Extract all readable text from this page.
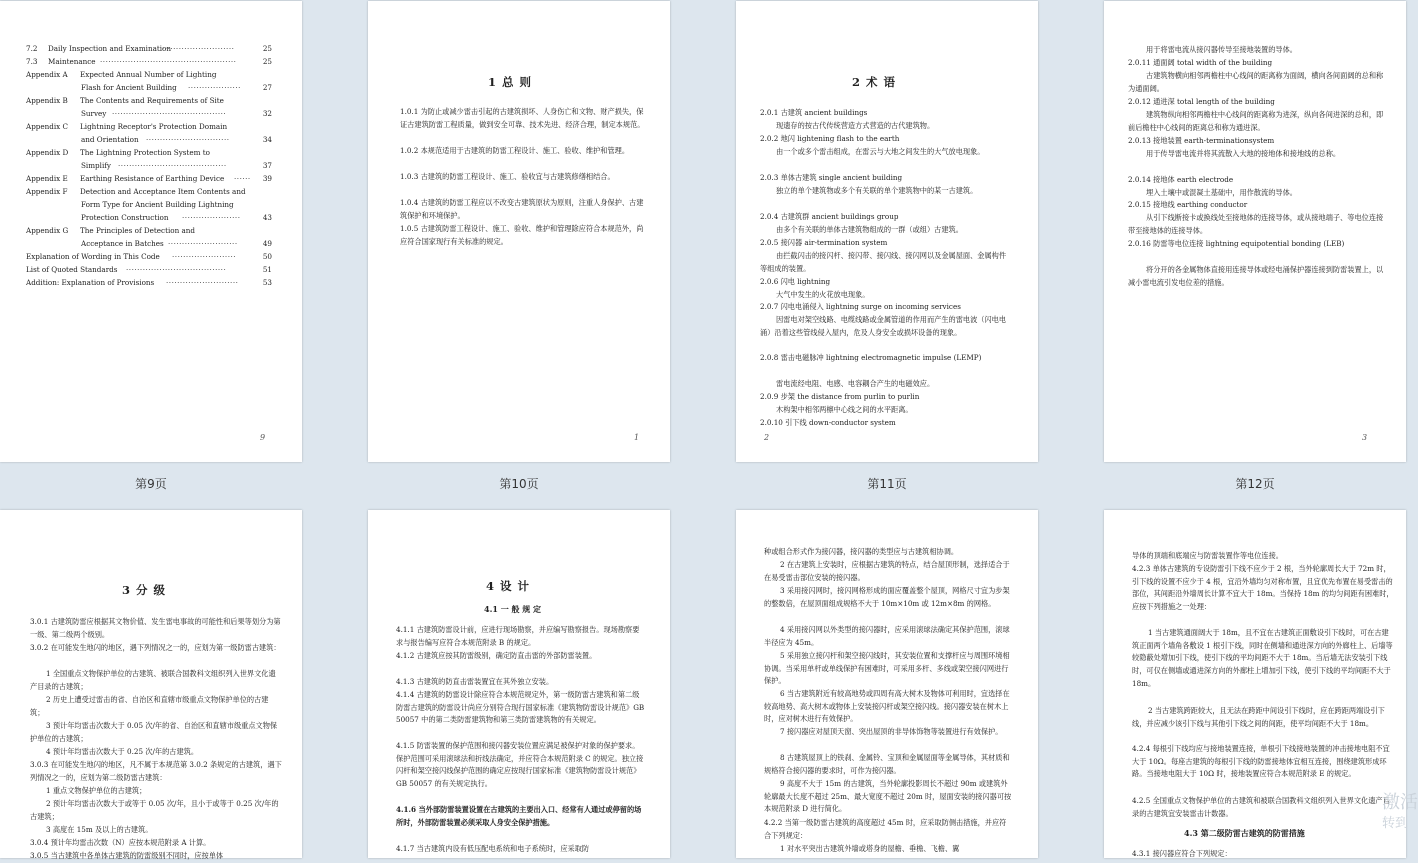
7.2 Daily Inspection and Examination	25
··························
7.3 Maintenance	25
·················································
Appendix A Expected Annual Number of Lighting
Flash for Ancient Building	27
···················
Appendix B The Contents and Requirements of Site
Survey	32
·········································
Appendix C Lightning Receptor's Protection Domain
and Orientation	34
······························
Appendix D The Lightning Protection System to
Simplify	37
·······································
Appendix E Earthing Resistance of Earthing Device	39
······
Appendix F Detection and Acceptance Item Contents and
Form Type for Ancient Building Lightning
Protection Construction	43
·····················
Appendix G The Principles of Detection and
Acceptance in Batches	49
·························
Explanation of Wording in This Code	50
·······················
List of Quoted Standards	51
····································
Addition: Explanation of Provisions	53
··························
9
第9页
1 总 则
1.0.1 为防止或减少雷击引起的古建筑损坏、人身伤亡和文物、财产损失，保证古建筑防雷工程质量，做到安全可靠、技术先进、经济合理，制定本规范。
1.0.2 本规范适用于古建筑的防雷工程设计、施工、验收、维护和管理。
1.0.3 古建筑的防雷工程设计、施工、验收宜与古建筑修缮相结合。
1.0.4 古建筑的防雷工程应以不改变古建筑原状为原则，注重人身保护、古建筑保护和环境保护。
1.0.5 古建筑防雷工程设计、施工、验收、维护和管理除应符合本规范外，尚应符合国家现行有关标准的规定。
1
第10页
2 术 语
2.0.1 古建筑 ancient buildings
现遗存的按古代传统营造方式营造的古代建筑物。
2.0.2 地闪 lightening flash to the earth
由一个或多个雷击组成，在雷云与大地之间发生的大气放电现象。
2.0.3 单体古建筑 single ancient building
独立的单个建筑物或多个有关联的单个建筑物中的某一古建筑。
2.0.4 古建筑群 ancient buildings group
由多个有关联的单体古建筑物组成的一群（或组）古建筑。
2.0.5 接闪器 air-termination system
由拦截闪击的接闪杆、接闪带、接闪线、接闪网以及金属屋面、金属构件等组成的装置。
2.0.6 闪电 lightning
大气中发生的火花放电现象。
2.0.7 闪电电涌侵入 lightning surge on incoming services
因雷电对架空线路、电缆线路或金属管道的作用而产生的雷电波（闪电电涌）沿着这些管线侵入屋内，危及人身安全或损坏设备的现象。
2.0.8 雷击电磁脉冲 lightning electromagnetic impulse (LEMP)
雷电流经电阻、电感、电容耦合产生的电磁效应。
2.0.9 步架 the distance from purlin to purlin
木构架中相邻两檩中心线之间的水平距离。
2.0.10 引下线 down-conductor system
2
第11页
用于将雷电流从接闪器传导至接地装置的导体。
2.0.11 通面阔 total width of the building
古建筑物横向相邻两檐柱中心线间的距离称为面阔，横向各间面阔的总和称为通面阔。
2.0.12 通进深 total length of the building
建筑物纵向相邻两檐柱中心线间的距离称为进深，纵向各间进深的总和，即前后檐柱中心线间的距离总和称为通进深。
2.0.13 接地装置 earth-terminationsystem
用于传导雷电流并将其流散入大地的接地体和接地线的总称。
2.0.14 接地体 earth electrode
埋入土壤中或混凝土基础中，用作散流的导体。
2.0.15 接地线 earthing conductor
从引下线断接卡或换线处至接地体的连接导体，或从接地端子、等电位连接带至接地体的连接导体。
2.0.16 防雷等电位连接 lightning equipotential bonding (LEB)
将分开的各金属物体直接用连接导体或经电涌保护器连接到防雷装置上，以减小雷电流引发电位差的措施。
3
第12页
3 分 级
3.0.1 古建筑防雷应根据其文物价值、发生雷电事故的可能性和后果等划分为第一级、第二级两个级别。
3.0.2 在可能发生地闪的地区，遇下列情况之一的，应划为第一级防雷古建筑：
1 全国重点文物保护单位的古建筑、被联合国教科文组织列入世界文化遗产目录的古建筑；
2 历史上遭受过雷击的省、自治区和直辖市级重点文物保护单位的古建筑；
3 预计年均雷击次数大于 0.05 次/年的省、自治区和直辖市级重点文物保护单位的古建筑；
4 预计年均雷击次数大于 0.25 次/年的古建筑。
3.0.3 在可能发生地闪的地区，凡不属于本规范第 3.0.2 条规定的古建筑，遇下列情况之一的，应划为第二级防雷古建筑：
1 重点文物保护单位的古建筑；
2 预计年均雷击次数大于或等于 0.05 次/年，且小于或等于 0.25 次/年的古建筑；
3 高度在 15m 及以上的古建筑。
3.0.4 预计年均雷击次数（N）应按本规范附录 A 计算。
3.0.5 当古建筑中各单体古建筑的防雷级别不同时，应按单体
4 设 计
4.1 一 般 规 定
4.1.1 古建筑防雷设计前，应进行现场勘察，并应编写勘察报告。现场勘察要求与报告编写应符合本规范附录 B 的规定。
4.1.2 古建筑应按其防雷级别，确定防直击雷的外部防雷装置。
4.1.3 古建筑的防直击雷装置宜在其外独立安装。
4.1.4 古建筑的防雷设计除应符合本规范规定外，第一级防雷古建筑和第二级防雷古建筑的防雷设计尚应分别符合现行国家标准《建筑物防雷设计规范》GB 50057 中的第二类防雷建筑物和第三类防雷建筑物的有关规定。
4.1.5 防雷装置的保护范围和接闪器安装位置应满足被保护对象的保护要求。保护范围可采用滚球法和折线法确定，并应符合本规范附录 C 的规定。独立接闪杆和架空接闪线保护范围的确定应按现行国家标准《建筑物防雷设计规范》GB 50057 的有关规定执行。
4.1.6 当外部防雷装置设置在古建筑的主要出入口、经常有人通过或停留的场所时，外部防雷装置必须采取人身安全保护措施。
4.1.7 当古建筑内设有低压配电系统和电子系统时，应采取防
种或组合形式作为接闪器，接闪器的类型应与古建筑相协调。
2 在古建筑上安装时，应根据古建筑的特点，结合屋顶形制，选择适合于在易受雷击部位安装的接闪器。
3 采用接闪网时，接闪网格形成的面应覆盖整个屋顶，网格尺寸宜为步架的整数倍，在屋顶面组成规格不大于 10m×10m 或 12m×8m 的网格。
4 采用接闪网以外类型的接闪器时，应采用滚球法确定其保护范围，滚球半径应为 45m。
5 采用独立接闪杆和架空接闪线时，其安装位置和支撑杆应与周围环境相协调。当采用单杆或单线保护有困难时，可采用多杆、多线或架空接闪网进行保护。
6 当古建筑附近有较高地势或四周有高大树木及物体可利用时，宜选择在较高地势、高大树木或物体上安装接闪杆或架空接闪线。接闪器安装在树木上时，应对树木进行有效保护。
7 接闪器应对屋顶天窗、突出屋顶的非导体饰物等装置进行有效保护。
8 古建筑屋顶上的铁刹、金属铃、宝顶和金属屋面等金属导体，其材质和规格符合接闪器的要求时，可作为接闪器。
9 高度不大于 15m 的古建筑，当外轮廓投影周长不超过 90m 或建筑外轮廓最大长度不超过 25m、最大宽度不超过 20m 时，屋面安装的接闪器可按本规范附录 D 进行简化。
4.2.2 当第一级防雷古建筑的高度超过 45m 时，应采取防侧击措施，并应符合下列规定：
1 对水平突出古建筑外墙或塔身的屋檐、垂檐、飞檐、翼
导体的顶端和底端应与防雷装置作等电位连接。
4.2.3 单体古建筑的专设防雷引下线不应少于 2 根，当外轮廓周长大于 72m 时，引下线的设置不应少于 4 根，宜沿外墙均匀对称布置，且宜优先布置在易受雷击的部位，其间距沿外墙周长计算不宜大于 18m。当保持 18m 的均匀间距有困难时，应按下列措施之一处理：
1 当古建筑通面阔大于 18m，且不宜在古建筑正面敷设引下线时，可在古建筑正面两个墙角各敷设 1 根引下线，同时在侧墙和通进深方向的外廊柱上、后墙等较隐蔽处增加引下线，使引下线的平均间距不大于 18m。当后墙无法安装引下线时，可仅在侧墙或通进深方向的外廊柱上增加引下线，使引下线的平均间距不大于 18m。
2 当古建筑跨距较大，且无法在跨距中间设引下线时，应在跨距两端设引下线，并应减少该引下线与其他引下线之间的间距，使平均间距不大于 18m。
4.2.4 每根引下线均应与接地装置连接，单根引下线接地装置的冲击接地电阻不宜大于 10Ω。每座古建筑的每根引下线的防雷接地体宜相互连接，围绕建筑形成环路。当接地电阻大于 10Ω 时，接地装置应符合本规范附录 E 的规定。
4.2.5 全国重点文物保护单位的古建筑和被联合国教科文组织列入世界文化遗产目录的古建筑宜安装雷击计数器。
4.3 第二级防雷古建筑的防雷措施
4.3.1 接闪器应符合下列规定：
激活
转到
